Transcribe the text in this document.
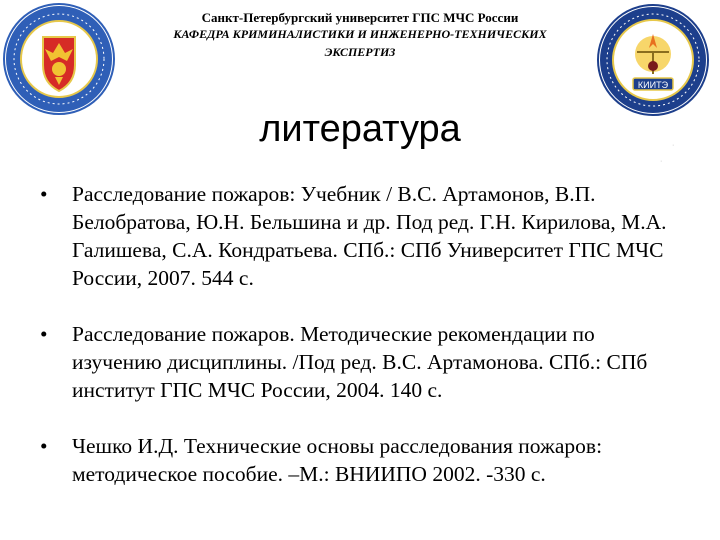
КИИТЭ
Санкт-Петербургский университет ГПС МЧС России
КАФЕДРА КРИМИНАЛИСТИКИ И ИНЖЕНЕРНО-ТЕХНИЧЕСКИХ
ЭКСПЕРТИЗ
литература
• Расследование пожаров: Учебник / В.С. Артамонов, В.П. Белобратова, Ю.Н. Бельшина и др. Под ред. Г.Н. Кирилова, М.А. Галишева, С.А. Кондратьева. СПб.: СПб Университет ГПС МЧС России, 2007. 544 с.
• Расследование пожаров. Методические рекомендации по изучению дисциплины. /Под ред. В.С. Артамонова. СПб.: СПб институт ГПС МЧС России, 2004. 140 с.
• Чешко И.Д. Технические основы расследования пожаров: методическое пособие. –М.: ВНИИПО 2002. -330 с.
·
·
